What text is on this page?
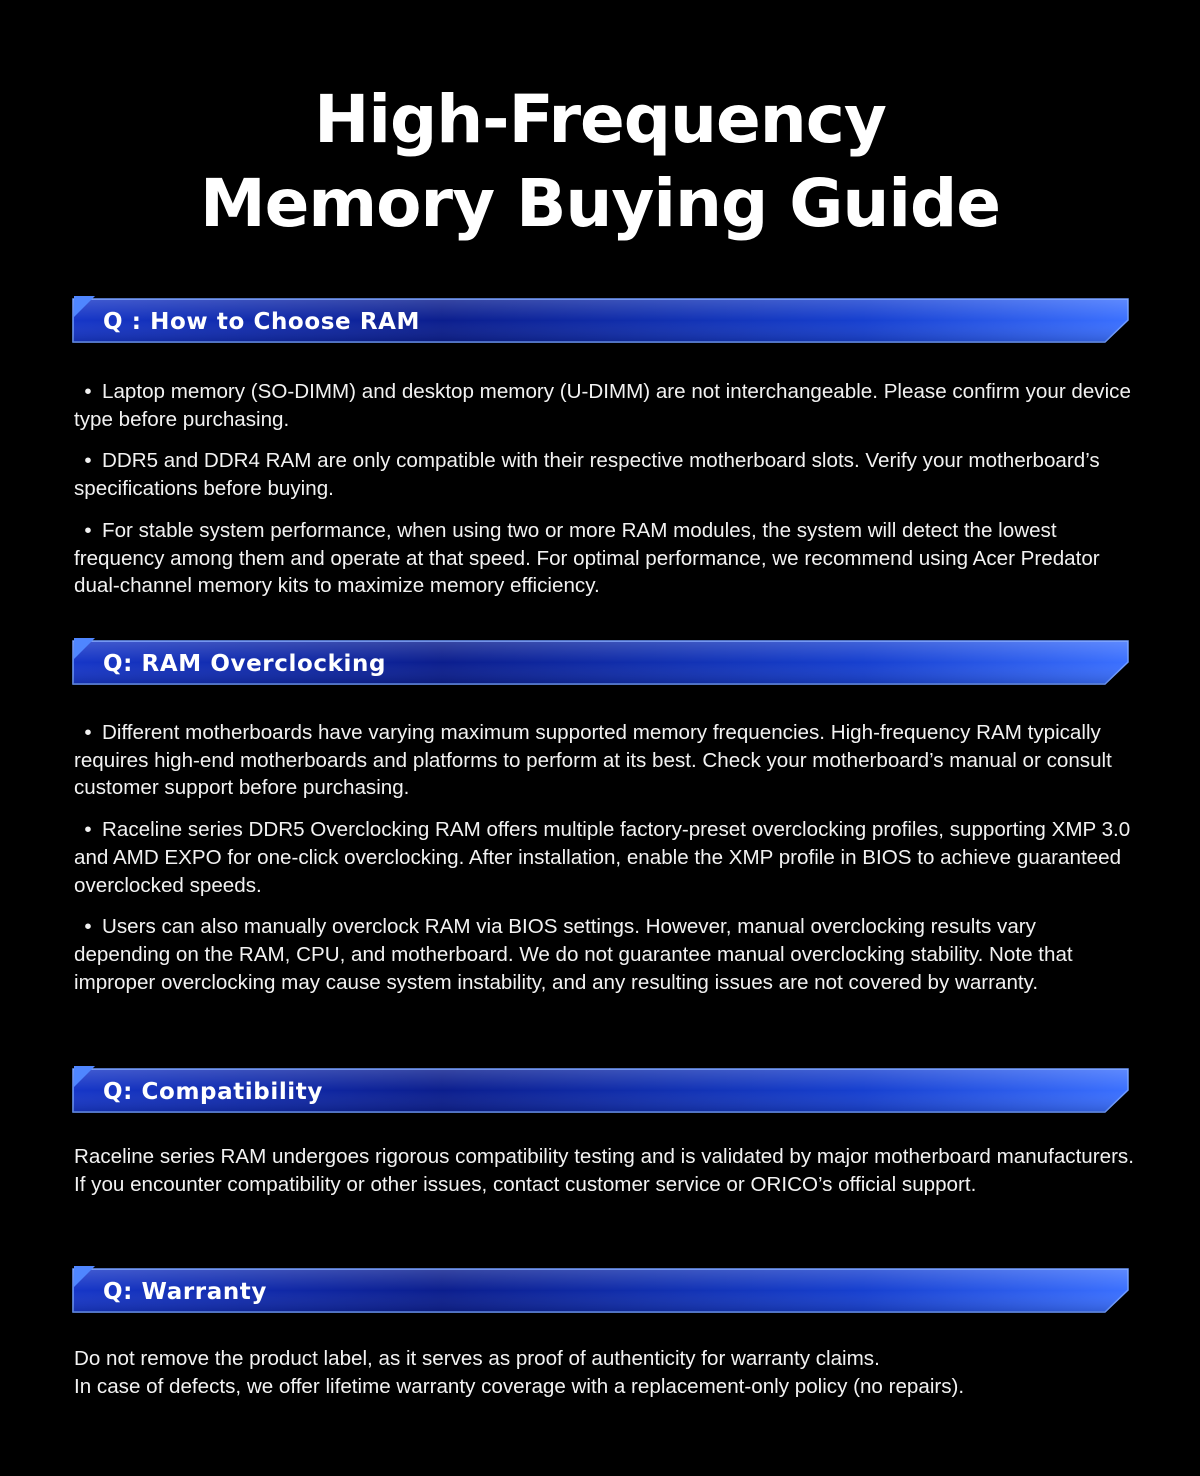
High-Frequency
Memory Buying Guide
Q : How to Choose RAM

• Laptop memory (SO-DIMM) and desktop memory (U-DIMM) are not interchangeable. Please confirm your device type before purchasing.

• DDR5 and DDR4 RAM are only compatible with their respective motherboard slots. Verify your motherboard’s specifications before buying.

• For stable system performance, when using two or more RAM modules, the system will detect the lowest frequency among them and operate at that speed. For optimal performance, we recommend using Acer Predator dual-channel memory kits to maximize memory efficiency.

Q: RAM Overclocking

• Different motherboards have varying maximum supported memory frequencies. High-frequency RAM typically requires high-end motherboards and platforms to perform at its best. Check your motherboard’s manual or consult customer support before purchasing.

• Raceline series DDR5 Overclocking RAM offers multiple factory-preset overclocking profiles, supporting XMP 3.0 and AMD EXPO for one-click overclocking. After installation, enable the XMP profile in BIOS to achieve guaranteed overclocked speeds.

• Users can also manually overclock RAM via BIOS settings. However, manual overclocking results vary depending on the RAM, CPU, and motherboard. We do not guarantee manual overclocking stability. Note that improper overclocking may cause system instability, and any resulting issues are not covered by warranty.

Q: Compatibility

Raceline series RAM undergoes rigorous compatibility testing and is validated by major motherboard manufacturers. If you encounter compatibility or other issues, contact customer service or ORICO’s official support.

Q: Warranty

Do not remove the product label, as it serves as proof of authenticity for warranty claims.

In case of defects, we offer lifetime warranty coverage with a replacement-only policy (no repairs).
